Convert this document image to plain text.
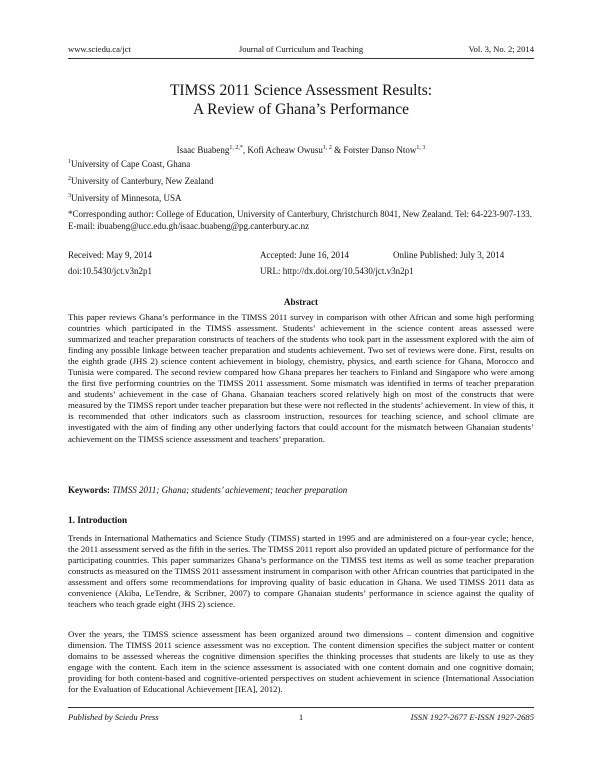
www.sciedu.ca/jct	Journal of Curriculum and Teaching	Vol. 3, No. 2; 2014
TIMSS 2011 Science Assessment Results:
A Review of Ghana’s Performance
Isaac Buabeng$^{1, 2,*}$, Kofi Acheaw Owusu$^{1, 2}$ & Forster Danso Ntow$^{1, 3}$
$^1$University of Cape Coast, Ghana
$^2$University of Canterbury, New Zealand
$^3$University of Minnesota, USA
*Corresponding author: College of Education, University of Canterbury, Christchurch 8041, New Zealand. Tel: 64-223-907-133. E-mail: ibuabeng@ucc.edu.gh/isaac.buabeng@pg.canterbury.ac.nz
Received: May 9, 2014	Accepted: June 16, 2014	Online Published: July 3, 2014
doi:10.5430/jct.v3n2p1	URL: http://dx.doi.org/10.5430/jct.v3n2p1
Abstract
This paper reviews Ghana’s performance in the TIMSS 2011 survey in comparison with other African and some high performing countries which participated in the TIMSS assessment. Students’ achievement in the science content areas assessed were summarized and teacher preparation constructs of teachers of the students who took part in the assessment explored with the aim of finding any possible linkage between teacher preparation and students achievement. Two set of reviews were done. First, results on the eighth grade (JHS 2) science content achievement in biology, chemistry, physics, and earth science for Ghana, Morocco and Tunisia were compared. The second review compared how Ghana prepares her teachers to Finland and Singapore who were among the first five performing countries on the TIMSS 2011 assessment. Some mismatch was identified in terms of teacher preparation and students’ achievement in the case of Ghana. Ghanaian teachers scored relatively high on most of the constructs that were measured by the TIMSS report under teacher preparation but these were not reflected in the students’ achievement. In view of this, it is recommended that other indicators such as classroom instruction, resources for teaching science, and school climate are investigated with the aim of finding any other underlying factors that could account for the mismatch between Ghanaian students’ achievement on the TIMSS science assessment and teachers’ preparation.
Keywords: TIMSS 2011; Ghana; students’ achievement; teacher preparation
1. Introduction
Trends in International Mathematics and Science Study (TIMSS) started in 1995 and are administered on a four-year cycle; hence, the 2011 assessment served as the fifth in the series. The TIMSS 2011 report also provided an updated picture of performance for the participating countries. This paper summarizes Ghana’s performance on the TIMSS test items as well as some teacher preparation constructs as measured on the TIMSS 2011 assessment instrument in comparison with other African countries that participated in the assessment and offers some recommendations for improving quality of basic education in Ghana. We used TIMSS 2011 data as convenience (Akiba, LeTendre, & Scribner, 2007) to compare Ghanaian students’ performance in science against the quality of teachers who teach grade eight (JHS 2) science.
Over the years, the TIMSS science assessment has been organized around two dimensions – content dimension and cognitive dimension. The TIMSS 2011 science assessment was no exception. The content dimension specifies the subject matter or content domains to be assessed whereas the cognitive dimension specifies the thinking processes that students are likely to use as they engage with the content. Each item in the science assessment is associated with one content domain and one cognitive domain; providing for both content-based and cognitive-oriented perspectives on student achievement in science (International Association for the Evaluation of Educational Achievement [IEA], 2012).
Published by Sciedu Press	1	ISSN 1927-2677 E-ISSN 1927-2685
